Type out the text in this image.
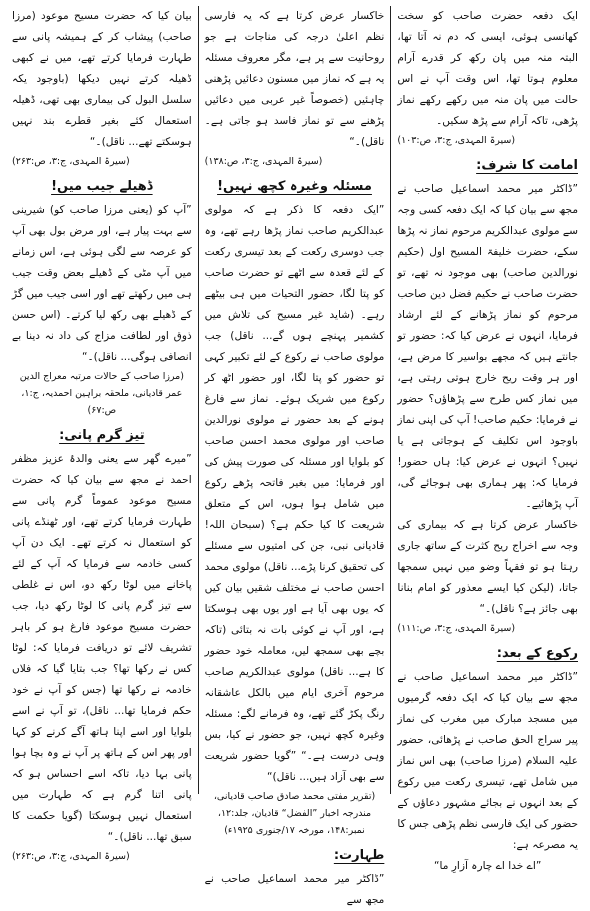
ایک دفعہ حضرت صاحب کو سخت کھانسی ہوئی، ایسی کہ دم نہ آتا تھا، البتہ منہ میں پان رکھ کر قدرے آرام معلوم ہوتا تھا، اس وقت آپ نے اس حالت میں پان منہ میں رکھے رکھے نماز پڑھی، تاکہ آرام سے پڑھ سکیں۔

(سیرۃ المہدی، ج:۳، ص:۱۰۳)
امامت کا شرف:

”ڈاکٹر میر محمد اسماعیل صاحب نے مجھ سے بیان کیا کہ ایک دفعہ کسی وجہ سے مولوی عبدالکریم مرحوم نماز نہ پڑھا سکے، حضرت خلیفۃ المسیح اول (حکیم نورالدین صاحب) بھی موجود نہ تھے، تو حضرت صاحب نے حکیم فضل دین صاحب مرحوم کو نماز پڑھانے کے لئے ارشاد فرمایا، انہوں نے عرض کیا کہ: حضور تو جانتے ہیں کہ مجھے بواسیر کا مرض ہے، اور ہر وقت ریح خارج ہوتی رہتی ہے، میں نماز کس طرح سے پڑھاؤں؟ حضور نے فرمایا: حکیم صاحب! آپ کی اپنی نماز باوجود اس تکلیف کے ہوجاتی ہے یا نہیں؟ انہوں نے عرض کیا: ہاں حضور! فرمایا کہ: پھر ہماری بھی ہوجائے گی، آپ پڑھائیے۔

خاکسار عرض کرتا ہے کہ بیماری کی وجہ سے اخراج ریح کثرت کے ساتھ جاری رہتا ہو تو فقہاً وضو میں نہیں سمجھا جاتا، (لیکن کیا ایسے معذور کو امام بنانا بھی جائز ہے؟ ناقل)۔“

(سیرۃ المہدی، ج:۳، ص:۱۱۱)
رکوع کے بعد:

”ڈاکٹر میر محمد اسماعیل صاحب نے مجھ سے بیان کیا کہ ایک دفعہ گرمیوں میں مسجد مبارک میں مغرب کی نماز پیر سراج الحق صاحب نے پڑھائی، حضور علیہ السلام (مرزا صاحب) بھی اس نماز میں شامل تھے، تیسری رکعت میں رکوع کے بعد انہوں نے بجائے مشہور دعاؤں کے حضور کی ایک فارسی نظم پڑھی جس کا یہ مصرعہ ہے:

”اے خدا اے چارہ آزارِ ما“

خاکسار عرض کرتا ہے کہ یہ فارسی نظم اعلیٰ درجہ کی مناجات ہے جو روحانیت سے پر ہے، مگر معروف مسئلہ یہ ہے کہ نماز میں مسنون دعائیں پڑھنی چاہئیں (خصوصاً غیر عربی میں دعائیں پڑھنے سے تو نماز فاسد ہو جاتی ہے۔ ناقل)۔“

(سیرۃ المہدی، ج:۳، ص:۱۳۸)
مسئلہ وغیرہ کچھ نہیں!

”ایک دفعہ کا ذکر ہے کہ مولوی عبدالکریم صاحب نماز پڑھا رہے تھے، وہ جب دوسری رکعت کے بعد تیسری رکعت کے لئے قعدہ سے اٹھے تو حضرت صاحب کو پتا لگا، حضور التحیات میں ہی بیٹھے رہے۔ (شاید غیر مسیح کی تلاش میں کشمیر پہنچے ہوں گے... ناقل) جب مولوی صاحب نے رکوع کے لئے تکبیر کہی تو حضور کو پتا لگا، اور حضور اٹھ کر رکوع میں شریک ہوئے۔ نماز سے فارغ ہونے کے بعد حضور نے مولوی نورالدین صاحب اور مولوی محمد احسن صاحب کو بلوایا اور مسئلہ کی صورت پیش کی اور فرمایا: میں بغیر فاتحہ پڑھے رکوع میں شامل ہوا ہوں، اس کے متعلق شریعت کا کیا حکم ہے؟ (سبحان اللہ! قادیانی نبی، جن کی امتیوں سے مسئلے کی تحقیق کرنا پڑے... ناقل) مولوی محمد احسن صاحب نے مختلف شقیں بیان کیں کہ یوں بھی آیا ہے اور یوں بھی ہوسکتا ہے، اور آپ نے کوئی بات نہ بتائی (تاکہ بچے بھی سمجھ لیں، معاملہ خود حضور کا ہے... ناقل) مولوی عبدالکریم صاحب مرحوم آخری ایام میں بالکل عاشقانہ رنگ پکڑ گئے تھے، وہ فرمانے لگے: مسئلہ وغیرہ کچھ نہیں، جو حضور نے کیا، بس وہی درست ہے۔“ ”گویا حضور شریعت سے بھی آزاد ہیں... ناقل)“

(تقریر مفتی محمد صادق صاحب قادیانی، مندرجہ اخبار ”الفضل“ قادیان، جلد:۱۲، نمبر:۱۴۸، مورخہ ۱۷/جنوری ۱۹۲۵ء)
طہارت:

”ڈاکٹر میر محمد اسماعیل صاحب نے مجھ سے

بیان کیا کہ حضرت مسیح موعود (مرزا صاحب) پیشاب کر کے ہمیشہ پانی سے طہارت فرمایا کرتے تھے، میں نے کبھی ڈھیلہ کرتے نہیں دیکھا (باوجود یکہ سلسل البول کی بیماری بھی تھی، ڈھیلہ استعمال کئے بغیر قطرے بند نہیں ہوسکتے تھے... ناقل)۔“

(سیرۃ المہدی، ج:۳، ص:۲۶۳)
ڈھیلے جیب میں!

”آپ کو (یعنی مرزا صاحب کو) شیرینی سے بہت پیار ہے، اور مرض بول بھی آپ کو عرصہ سے لگی ہوئی ہے، اس زمانے میں آپ مٹی کے ڈھیلے بعض وقت جیب ہی میں رکھتے تھے اور اسی جیب میں گڑ کے ڈھیلے بھی رکھ لیا کرتے۔ (اس حسن ذوق اور لطافت مزاج کی داد نہ دینا بے انصافی ہوگی... ناقل)۔“

(مرزا صاحب کے حالات مرتبہ معراج الدین عمر قادیانی، ملحقہ براہین احمدیہ، ج:۱، ص:۶۷)
تیز گرم پانی:

”میرے گھر سے یعنی والدۂ عزیز مظفر احمد نے مجھ سے بیان کیا کہ حضرت مسیح موعود عموماً گرم پانی سے طہارت فرمایا کرتے تھے، اور ٹھنڈے پانی کو استعمال نہ کرتے تھے۔ ایک دن آپ کسی خادمہ سے فرمایا کہ آپ کے لئے پاخانے میں لوٹا رکھ دو، اس نے غلطی سے تیز گرم پانی کا لوٹا رکھ دیا، جب حضرت مسیح موعود فارغ ہو کر باہر تشریف لائے تو دریافت فرمایا کہ: لوٹا کس نے رکھا تھا؟ جب بتایا گیا کہ فلاں خادمہ نے رکھا تھا (جس کو آپ نے خود حکم فرمایا تھا... ناقل)، تو آپ نے اسے بلوایا اور اسے اپنا ہاتھ آگے کرنے کو کہا اور پھر اس کے ہاتھ پر آپ نے وہ بچا ہوا پانی بہا دیا، تاکہ اسے احساس ہو کہ پانی اتنا گرم ہے کہ طہارت میں استعمال نہیں ہوسکتا (گویا حکمت کا سبق تھا... ناقل)۔“

(سیرۃ المہدی، ج:۳، ص:۲۶۳)
